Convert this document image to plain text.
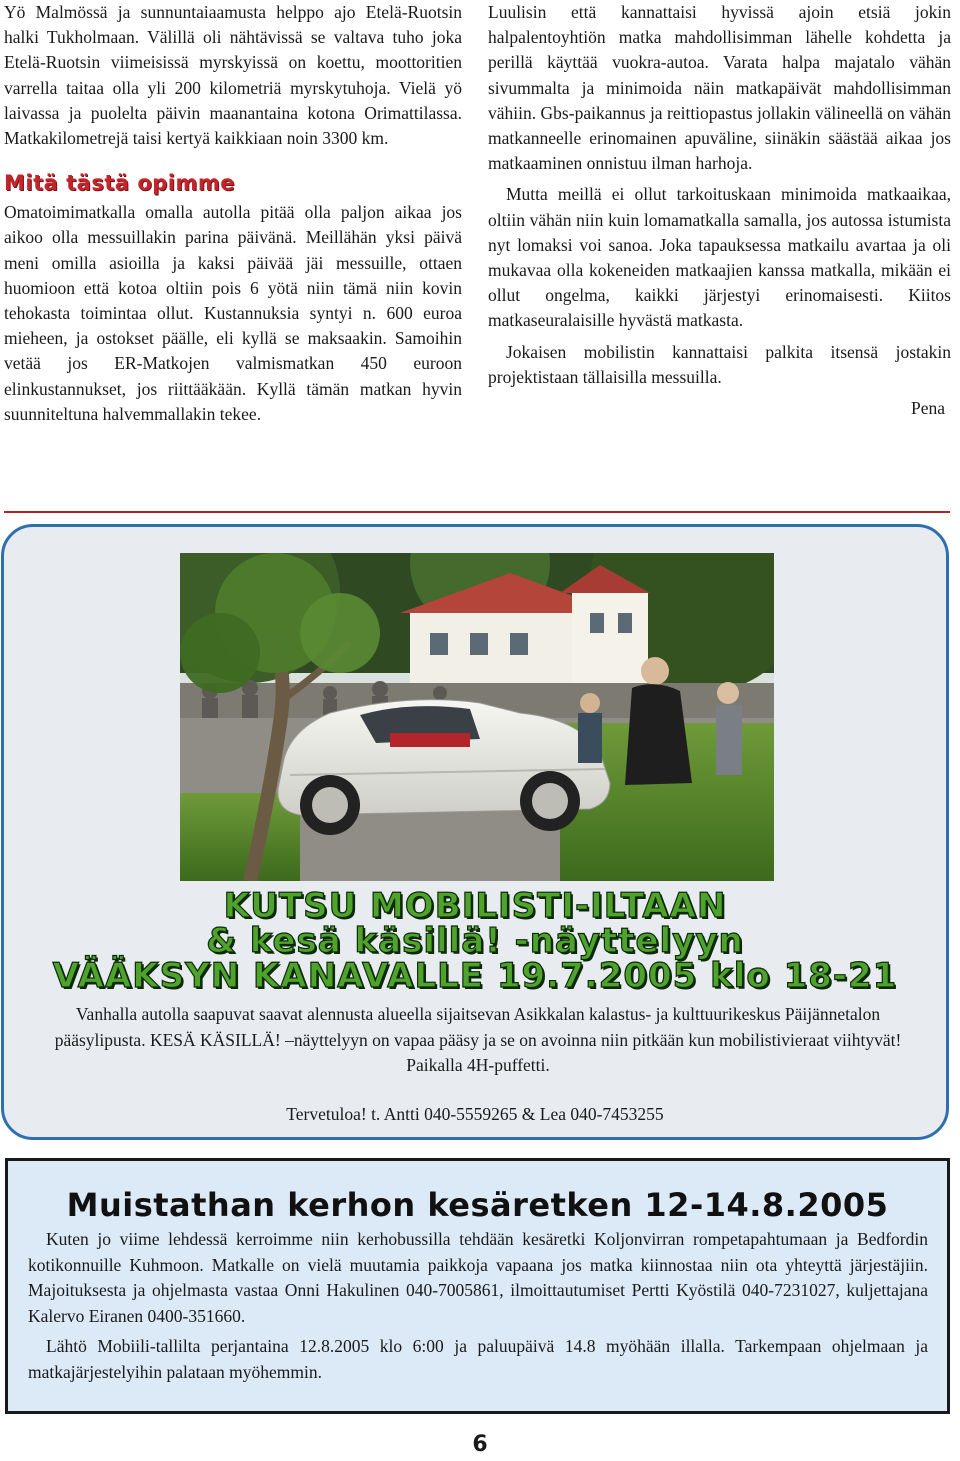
Yö Malmössä ja sunnuntaiaamusta helppo ajo Etelä-Ruotsin halki Tukholmaan. Välillä oli nähtävissä se valtava tuho joka Etelä-Ruotsin viimeisissä myrskyissä on koettu, moottoritien varrella taitaa olla yli 200 kilometriä myrskytuhoja. Vielä yö laivassa ja puolelta päivin maanantaina kotona Orimattilassa. Matkakilometrejä taisi kertyä kaikkiaan noin 3300 km.

Mitä tästä opimme

Omatoimimatkalla omalla autolla pitää olla paljon aikaa jos aikoo olla messuillakin parina päivänä. Meillähän yksi päivä meni omilla asioilla ja kaksi päivää jäi messuille, ottaen huomioon että kotoa oltiin pois 6 yötä niin tämä niin kovin tehokasta toimintaa ollut. Kustannuksia syntyi n. 600 euroa mieheen, ja ostokset päälle, eli kyllä se maksaakin. Samoihin vetää jos ER-Matkojen valmismatkan 450 euroon elinkustannukset, jos riittääkään. Kyllä tämän matkan hyvin suunniteltuna halvemmallakin tekee.

Luulisin että kannattaisi hyvissä ajoin etsiä jokin halpalentoyhtiön matka mahdollisimman lähelle kohdetta ja perillä käyttää vuokra-autoa. Varata halpa majatalo vähän sivummalta ja minimoida näin matkapäivät mahdollisimman vähiin. Gbs-paikannus ja reittiopastus jollakin välineellä on vähän matkanneelle erinomainen apuväline, siinäkin säästää aikaa jos matkaaminen onnistuu ilman harhoja.

Mutta meillä ei ollut tarkoituskaan minimoida matkaaikaa, oltiin vähän niin kuin lomamatkalla samalla, jos autossa istumista nyt lomaksi voi sanoa. Joka tapauksessa matkailu avartaa ja oli mukavaa olla kokeneiden matkaajien kanssa matkalla, mikään ei ollut ongelma, kaikki järjestyi erinomaisesti. Kiitos matkaseuralaisille hyvästä matkasta.

Jokaisen mobilistin kannattaisi palkita itsensä jostakin projektistaan tällaisilla messuilla.

Pena
KUTSU MOBILISTI-ILTAAN
& kesä käsillä! -näyttelyyn
VÄÄKSYN KANAVALLE 19.7.2005 klo 18-21
Vanhalla autolla saapuvat saavat alennusta alueella sijaitsevan Asikkalan kalastus- ja kulttuurikeskus Päijännetalon pääsylipusta. KESÄ KÄSILLÄ! –näyttelyyn on vapaa pääsy ja se on avoinna niin pitkään kun mobilistivieraat viihtyvät! Paikalla 4H-puffetti.
Tervetuloa! t. Antti 040-5559265 & Lea 040-7453255
Muistathan kerhon kesäretken 12-14.8.2005

Kuten jo viime lehdessä kerroimme niin kerhobussilla tehdään kesäretki Koljonvirran rompetapahtumaan ja Bedfordin kotikonnuille Kuhmoon. Matkalle on vielä muutamia paikkoja vapaana jos matka kiinnostaa niin ota yhteyttä järjestäjiin. Majoituksesta ja ohjelmasta vastaa Onni Hakulinen 040-7005861, ilmoittautumiset Pertti Kyöstilä 040-7231027, kuljettajana Kalervo Eiranen 0400-351660.

Lähtö Mobiili-tallilta perjantaina 12.8.2005 klo 6:00 ja paluupäivä 14.8 myöhään illalla. Tarkempaan ohjelmaan ja matkajärjestelyihin palataan myöhemmin.

6
